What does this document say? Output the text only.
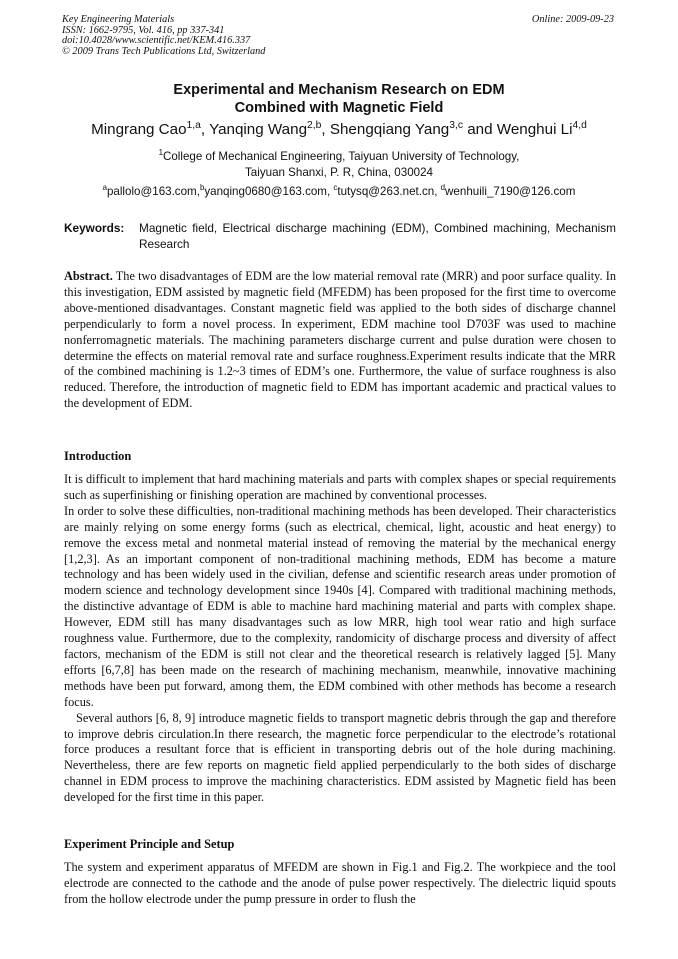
Key Engineering Materials
ISSN: 1662-9795, Vol. 416, pp 337-341
doi:10.4028/www.scientific.net/KEM.416.337
© 2009 Trans Tech Publications Ltd, Switzerland
Online: 2009-09-23
Experimental and Mechanism Research on EDM
Combined with Magnetic Field
Mingrang Cao$^{1,a}$, Yanqing Wang$^{2,b}$, Shengqiang Yang$^{3,c}$ and Wenghui Li$^{4,d}$
$^1$College of Mechanical Engineering, Taiyuan University of Technology,
Taiyuan Shanxi, P. R, China, 030024
$^a$pallolo@163.com,$^b$yanqing0680@163.com, $^c$tutysq@263.net.cn, $^d$wenhuili_7190@126.com
Keywords: Magnetic field, Electrical discharge machining (EDM), Combined machining, Mechanism Research
Abstract. The two disadvantages of EDM are the low material removal rate (MRR) and poor surface quality. In this investigation, EDM assisted by magnetic field (MFEDM) has been proposed for the first time to overcome above-mentioned disadvantages. Constant magnetic field was applied to the both sides of discharge channel perpendicularly to form a novel process. In experiment, EDM machine tool D703F was used to machine nonferromagnetic materials. The machining parameters discharge current and pulse duration were chosen to determine the effects on material removal rate and surface roughness.Experiment results indicate that the MRR of the combined machining is 1.2~3 times of EDM’s one. Furthermore, the value of surface roughness is also reduced. Therefore, the introduction of magnetic field to EDM has important academic and practical values to the development of EDM.
Introduction

It is difficult to implement that hard machining materials and parts with complex shapes or special requirements such as superfinishing or finishing operation are machined by conventional processes.

In order to solve these difficulties, non-traditional machining methods has been developed. Their characteristics are mainly relying on some energy forms (such as electrical, chemical, light, acoustic and heat energy) to remove the excess metal and nonmetal material instead of removing the material by the mechanical energy [1,2,3]. As an important component of non-traditional machining methods, EDM has become a mature technology and has been widely used in the civilian, defense and scientific research areas under promotion of modern science and technology development since 1940s [4]. Compared with traditional machining methods, the distinctive advantage of EDM is able to machine hard machining material and parts with complex shape. However, EDM still has many disadvantages such as low MRR, high tool wear ratio and high surface roughness value. Furthermore, due to the complexity, randomicity of discharge process and diversity of affect factors, mechanism of the EDM is still not clear and the theoretical research is relatively lagged [5]. Many efforts [6,7,8] has been made on the research of machining mechanism, meanwhile, innovative machining methods have been put forward, among them, the EDM combined with other methods has become a research focus.

Several authors [6, 8, 9] introduce magnetic fields to transport magnetic debris through the gap and therefore to improve debris circulation.In there research, the magnetic force perpendicular to the electrode’s rotational force produces a resultant force that is efficient in transporting debris out of the hole during machining. Nevertheless, there are few reports on magnetic field applied perpendicularly to the both sides of discharge channel in EDM process to improve the machining characteristics. EDM assisted by Magnetic field has been developed for the first time in this paper.

Experiment Principle and Setup

The system and experiment apparatus of MFEDM are shown in Fig.1 and Fig.2. The workpiece and the tool electrode are connected to the cathode and the anode of pulse power respectively. The dielectric liquid spouts from the hollow electrode under the pump pressure in order to flush the
